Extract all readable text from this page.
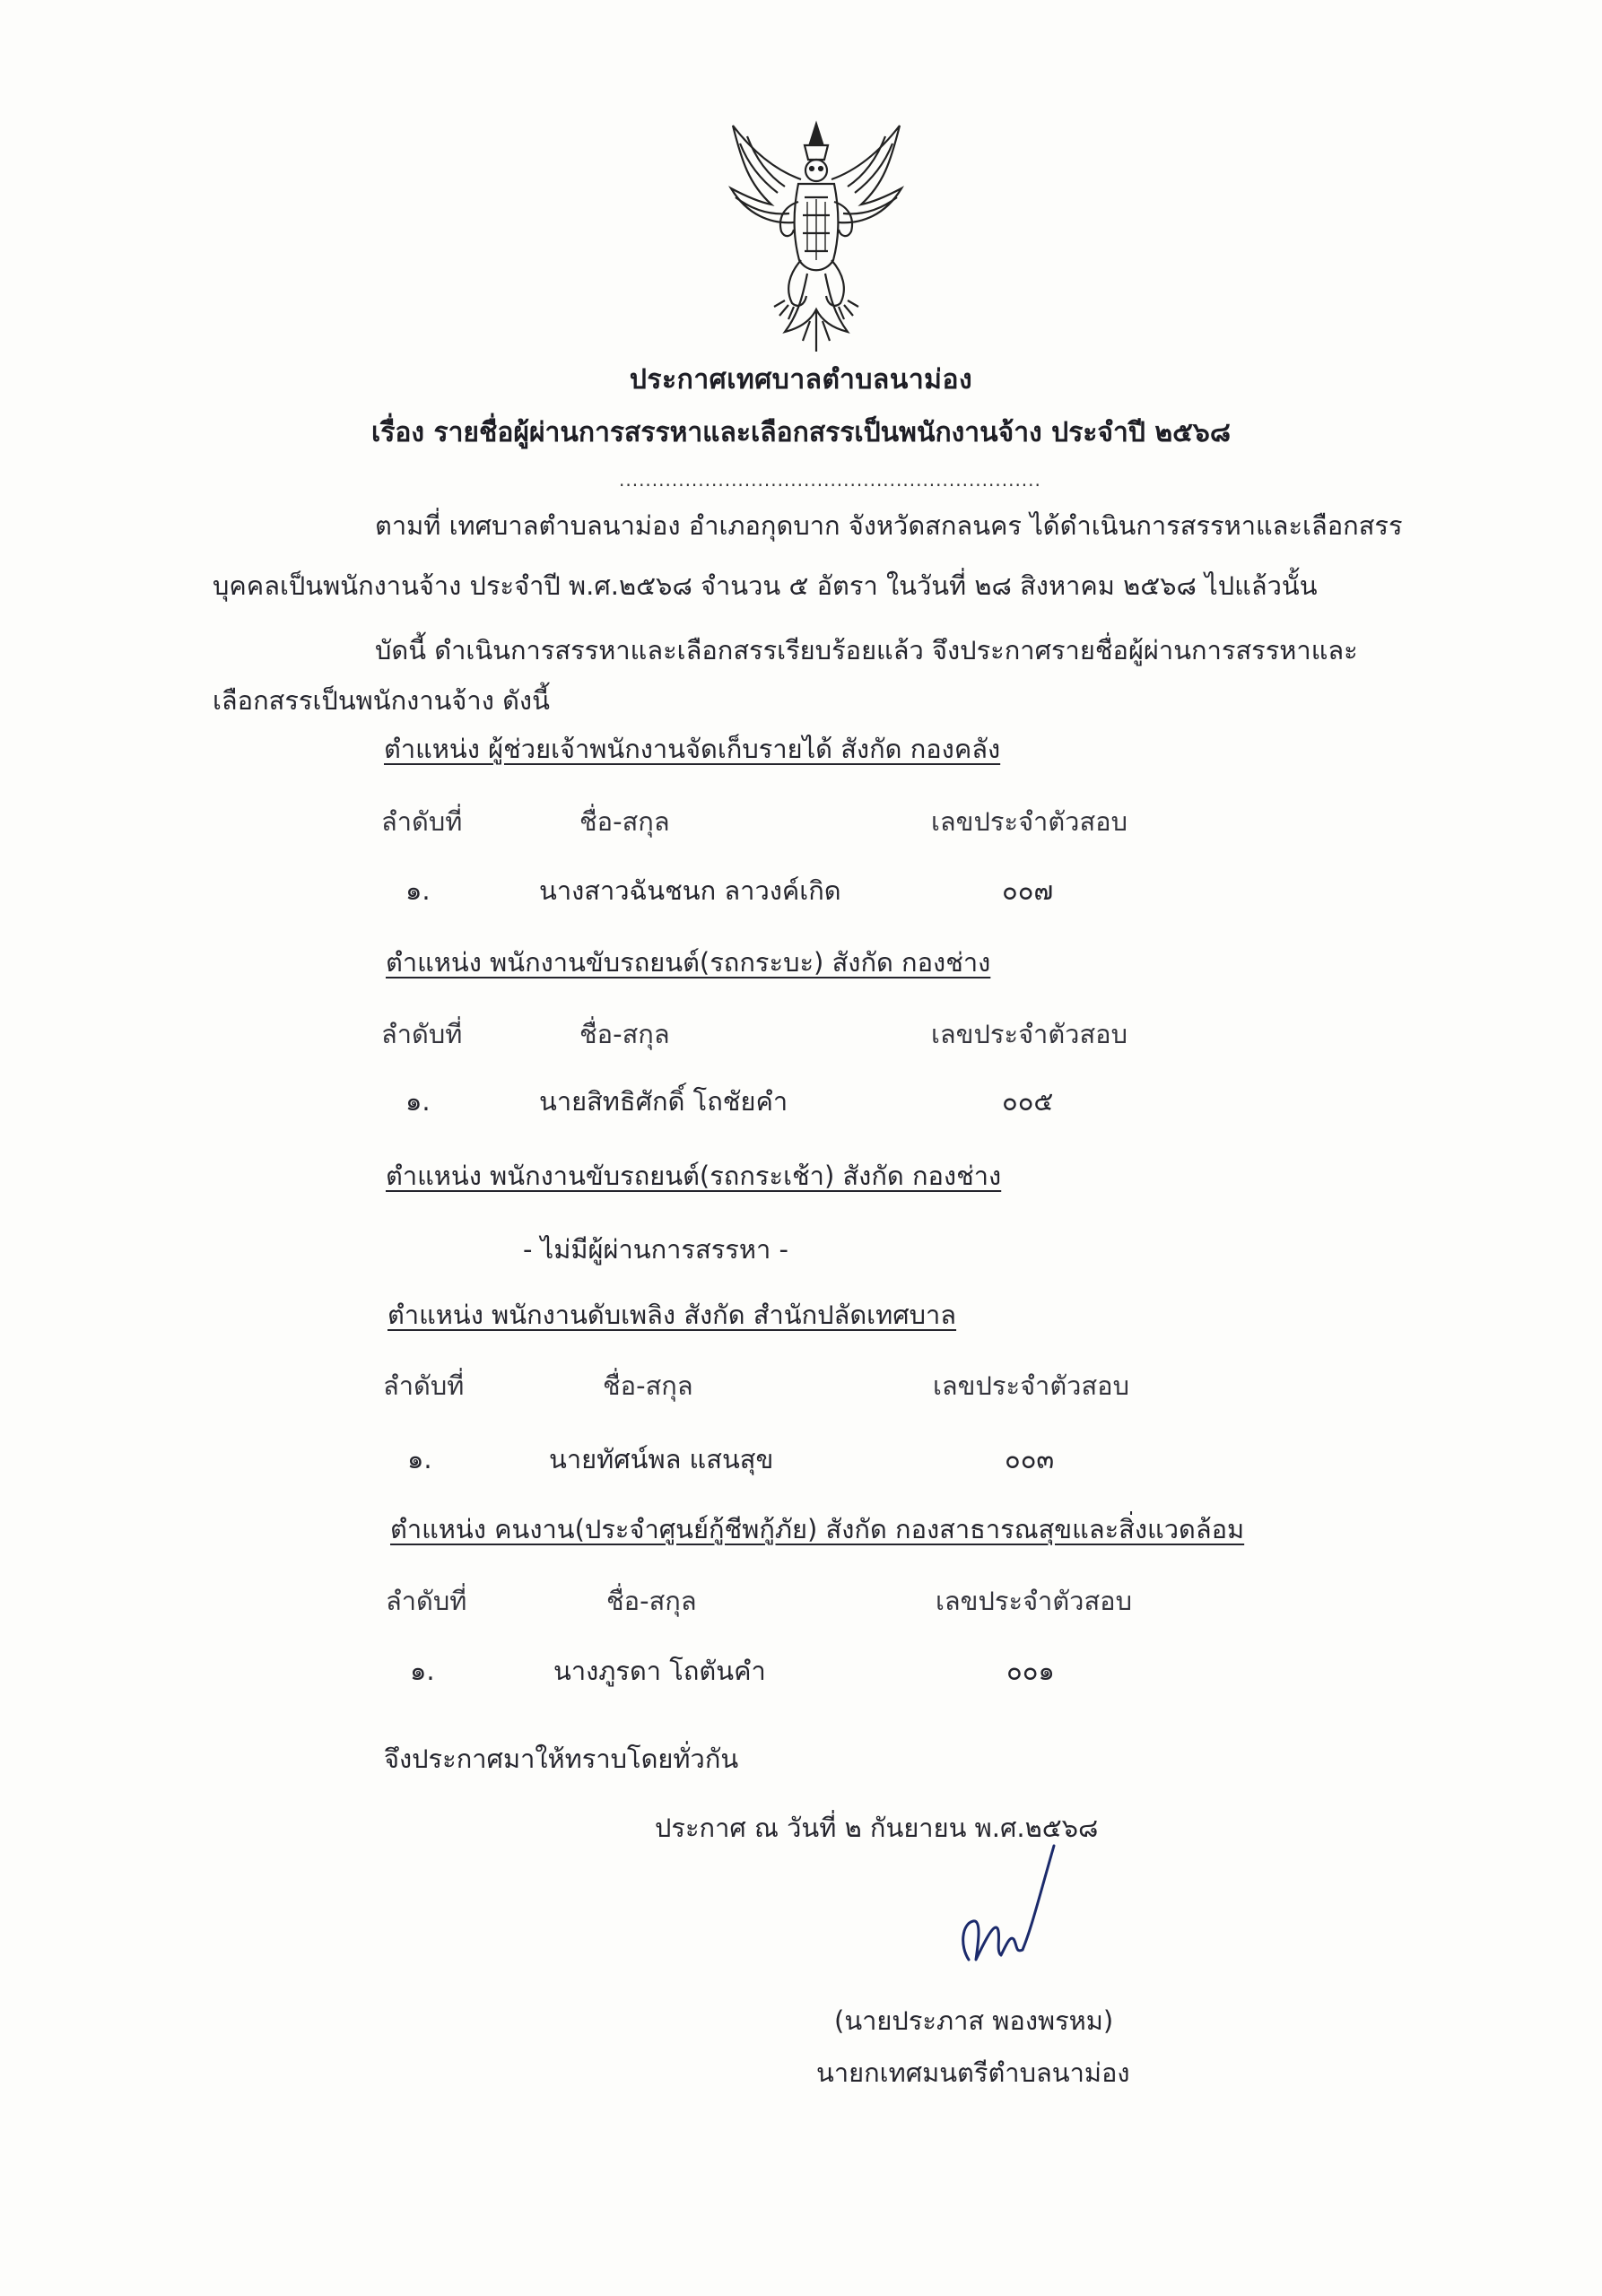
ประกาศเทศบาลตำบลนาม่อง
เรื่อง รายชื่อผู้ผ่านการสรรหาและเลือกสรรเป็นพนักงานจ้าง ประจำปี ๒๕๖๘
................................................................
ตามที่ เทศบาลตำบลนาม่อง อำเภอกุดบาก จังหวัดสกลนคร ได้ดำเนินการสรรหาและเลือกสรร
บุคคลเป็นพนักงานจ้าง ประจำปี พ.ศ.๒๕๖๘ จำนวน ๕ อัตรา ในวันที่ ๒๘ สิงหาคม ๒๕๖๘ ไปแล้วนั้น
บัดนี้ ดำเนินการสรรหาและเลือกสรรเรียบร้อยแล้ว จึงประกาศรายชื่อผู้ผ่านการสรรหาและ
เลือกสรรเป็นพนักงานจ้าง ดังนี้
ตำแหน่ง ผู้ช่วยเจ้าพนักงานจัดเก็บรายได้ สังกัด กองคลัง
ลำดับที่	ชื่อ-สกุล	เลขประจำตัวสอบ
๑.	นางสาวฉันชนก ลาวงค์เกิด	๐๐๗
ตำแหน่ง พนักงานขับรถยนต์(รถกระบะ) สังกัด กองช่าง
ลำดับที่	ชื่อ-สกุล	เลขประจำตัวสอบ
๑.	นายสิทธิศักดิ์ โถชัยคำ	๐๐๕
ตำแหน่ง พนักงานขับรถยนต์(รถกระเช้า) สังกัด กองช่าง
- ไม่มีผู้ผ่านการสรรหา -
ตำแหน่ง พนักงานดับเพลิง สังกัด สำนักปลัดเทศบาล
ลำดับที่	ชื่อ-สกุล	เลขประจำตัวสอบ
๑.	นายทัศน์พล แสนสุข	๐๐๓
ตำแหน่ง คนงาน(ประจำศูนย์กู้ชีพกู้ภัย) สังกัด กองสาธารณสุขและสิ่งแวดล้อม
ลำดับที่	ชื่อ-สกุล	เลขประจำตัวสอบ
๑.	นางภูรดา โถตันคำ	๐๐๑
จึงประกาศมาให้ทราบโดยทั่วกัน
ประกาศ ณ วันที่ ๒ กันยายน พ.ศ.๒๕๖๘
(นายประภาส พองพรหม)
นายกเทศมนตรีตำบลนาม่อง
